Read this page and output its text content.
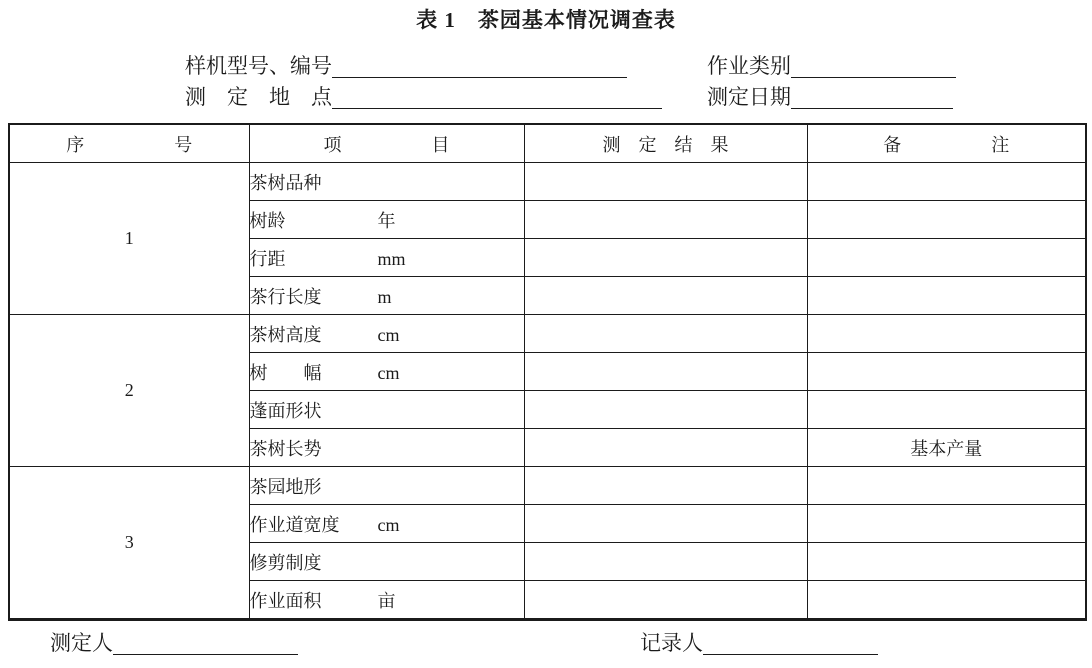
表 1　茶园基本情况调查表
样机型号、编号	作业类别
测　定　地　点	测定日期
序　　　　　号	项　　　　　目	测　定　结　果	备　　　　　注
1	茶树品种		
	树龄 年		
	行距 mm		
	茶行长度 m		
2	茶树高度 cm		
	树　　幅 cm		
	蓬面形状		
	茶树长势		基本产量
3	茶园地形		
	作业道宽度 cm		
	修剪制度		
	作业面积 亩		
测定人	记录人
